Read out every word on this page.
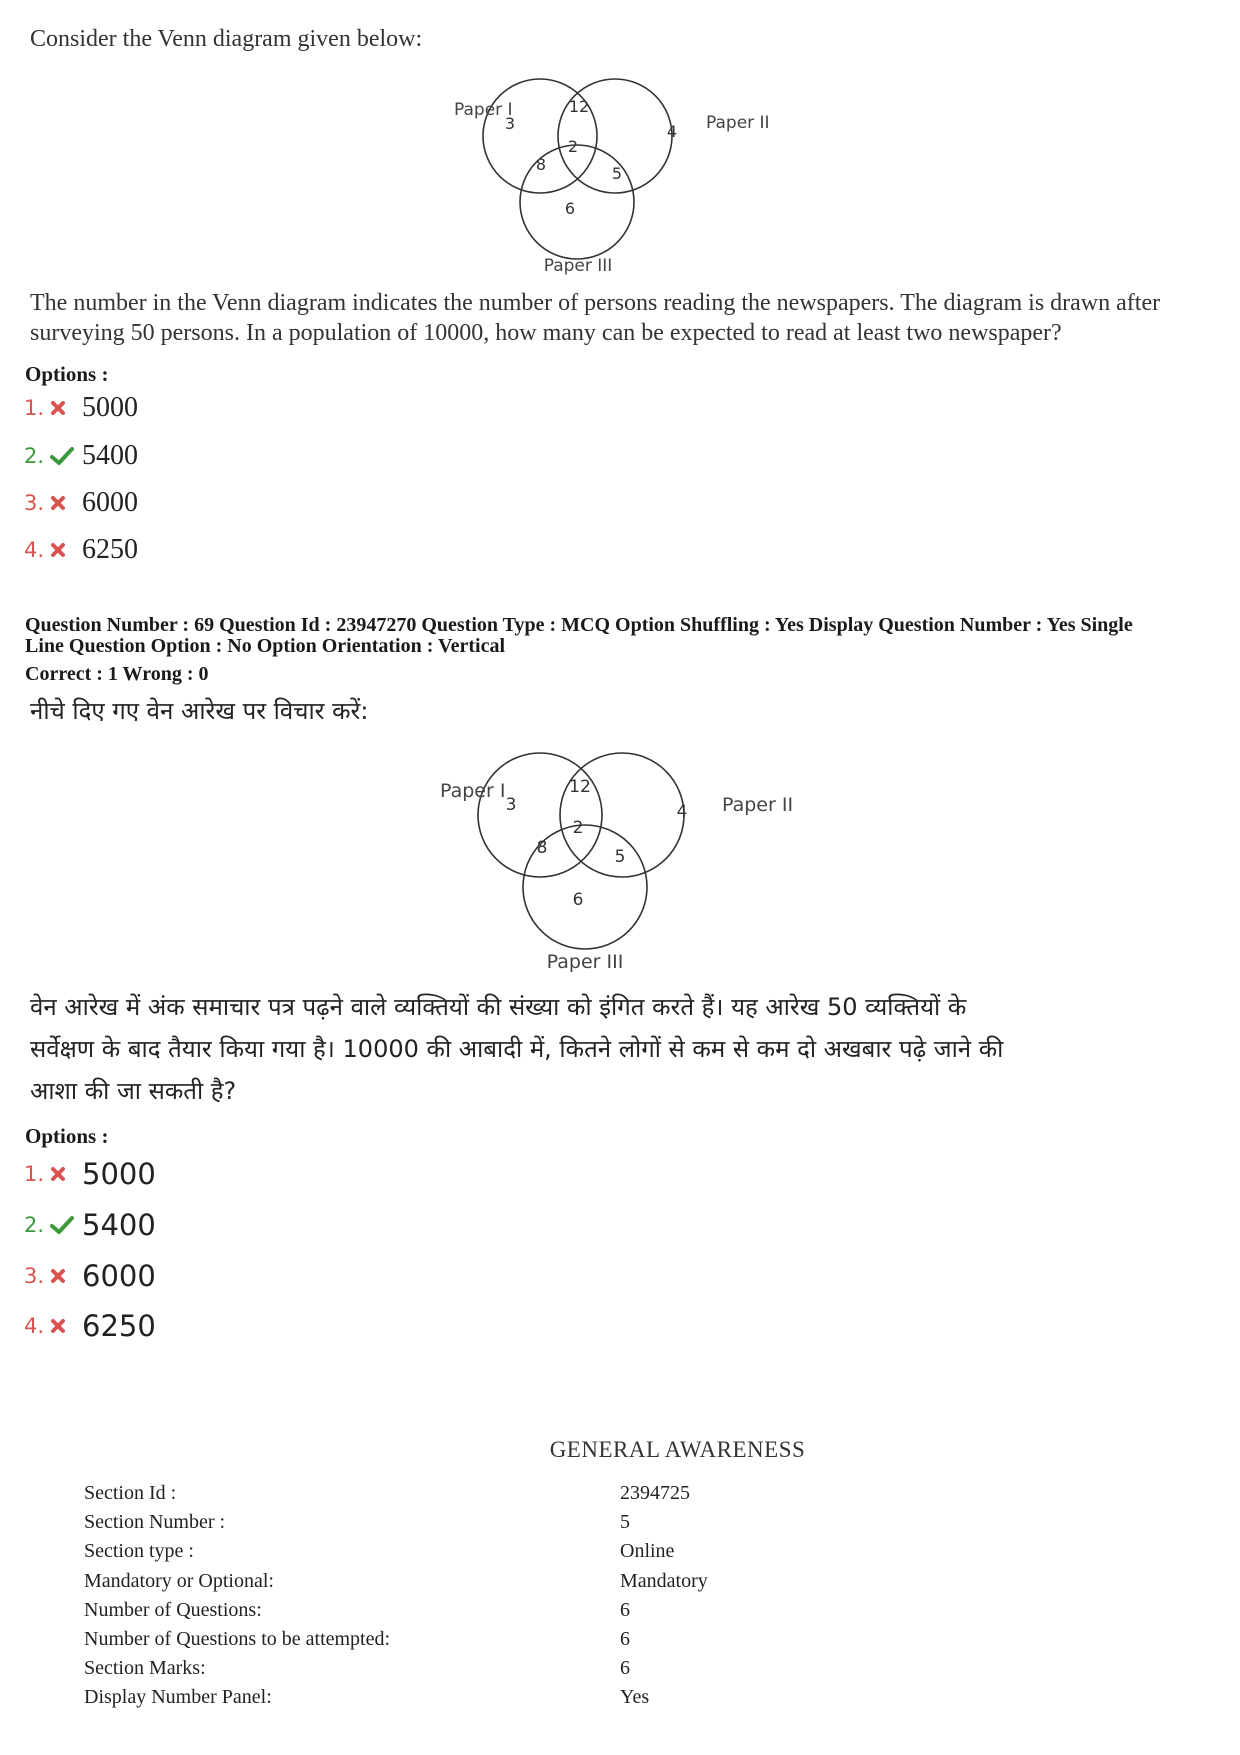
Consider the Venn diagram given below:
Paper I
Paper II
Paper III
3
12
4
2
8	5
6
The number in the Venn diagram indicates the number of persons reading the newspapers. The diagram is drawn after
surveying 50 persons. In a population of 10000, how many can be expected to read at least two newspaper?
Options :
1. 5000
2. 5400
3. 6000
4. 6250
Question Number : 69 Question Id : 23947270 Question Type : MCQ Option Shuffling : Yes Display Question Number : Yes Single
Line Question Option : No Option Orientation : Vertical
Correct : 1 Wrong : 0
नीचे दिए गए वेन आरेख पर विचार करें:
Paper I
Paper II
Paper III
3
12
4
2
8	5
6
वेन आरेख में अंक समाचार पत्र पढ़ने वाले व्यक्तियों की संख्या को इंगित करते हैं। यह आरेख 50 व्यक्तियों के
सर्वेक्षण के बाद तैयार किया गया है। 10000 की आबादी में, कितने लोगों से कम से कम दो अखबार पढ़े जाने की
आशा की जा सकती है?
Options :
1. 5000
2. 5400
3. 6000
4. 6250
GENERAL AWARENESS
Section Id :	2394725
Section Number :	5
Section type :	Online
Mandatory or Optional:	Mandatory
Number of Questions:	6
Number of Questions to be attempted:	6
Section Marks:	6
Display Number Panel:	Yes
